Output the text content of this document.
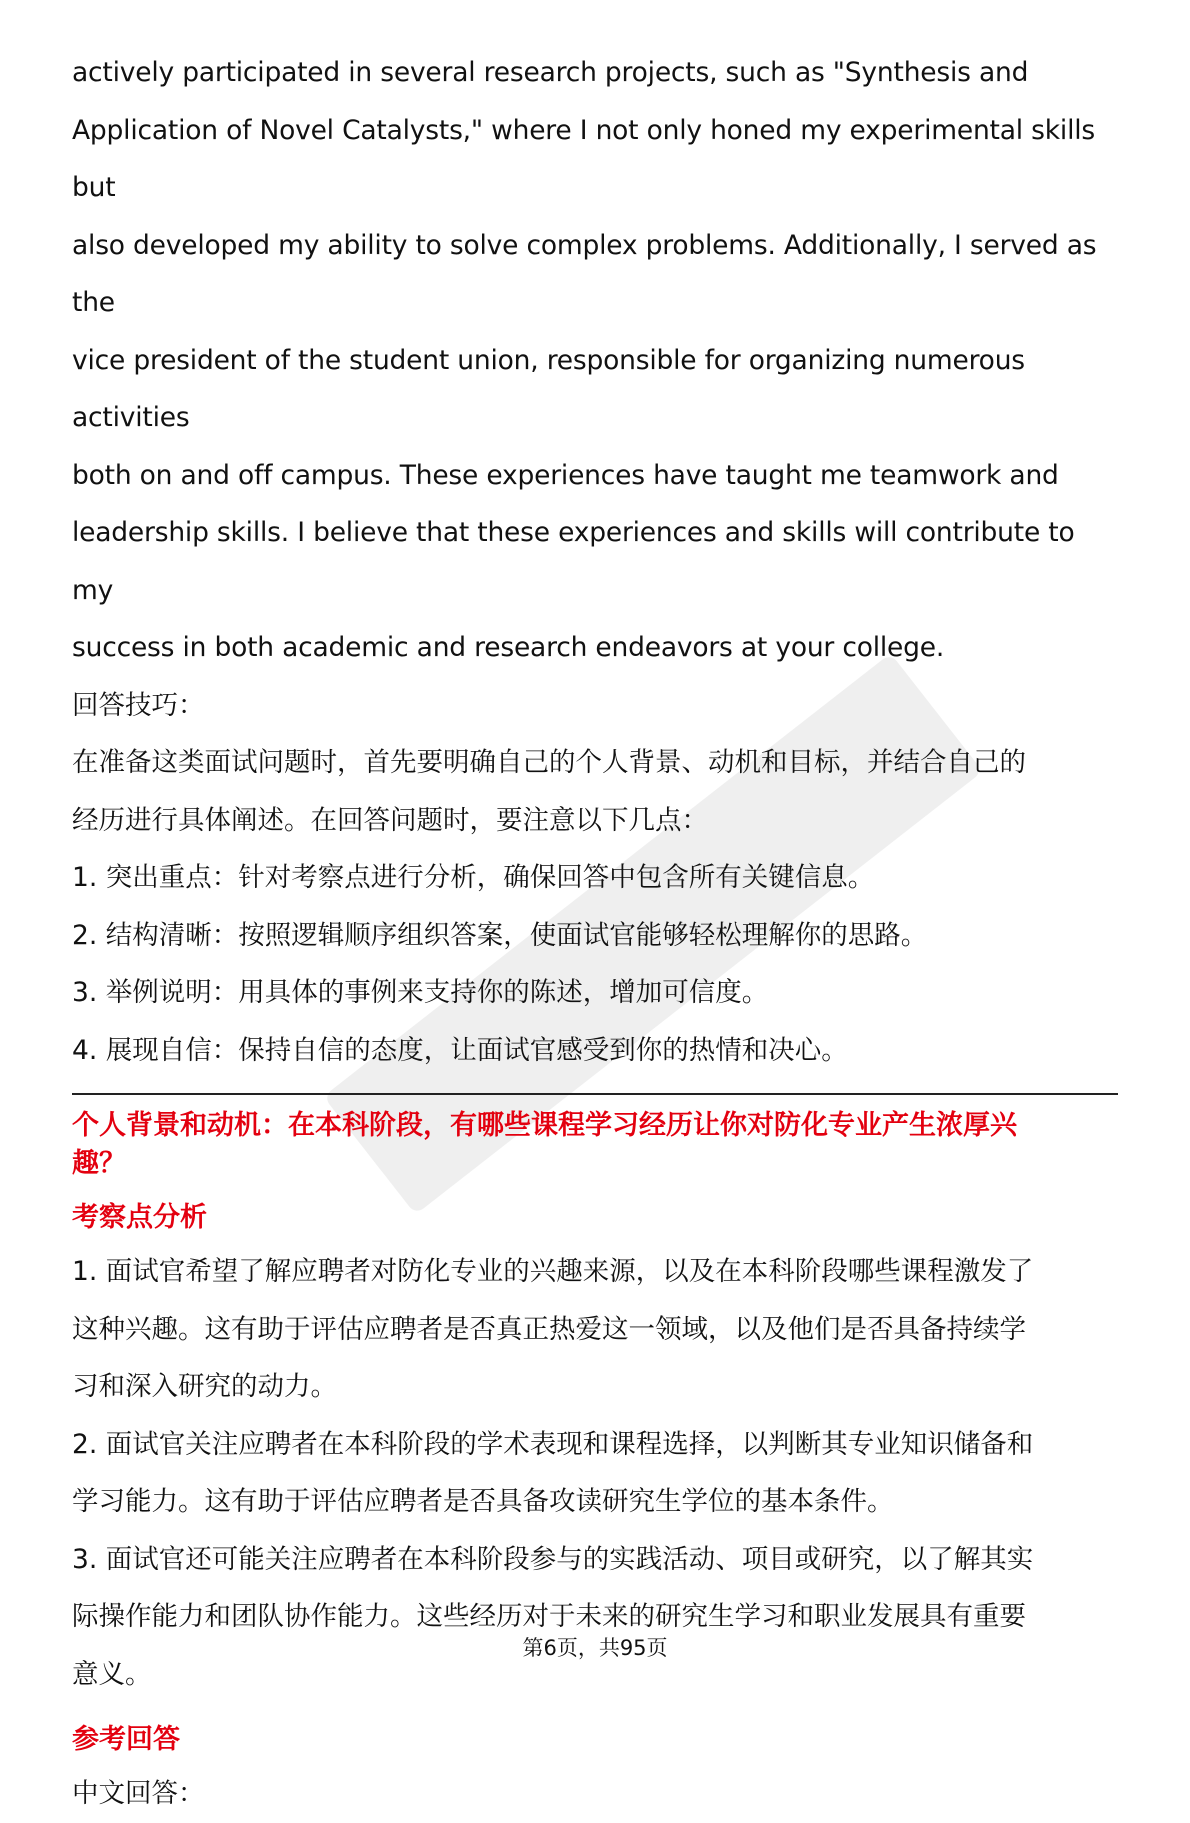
actively participated in several research projects, such as "Synthesis and

Application of Novel Catalysts," where I not only honed my experimental skills but

also developed my ability to solve complex problems. Additionally, I served as the

vice president of the student union, responsible for organizing numerous activities

both on and off campus. These experiences have taught me teamwork and

leadership skills. I believe that these experiences and skills will contribute to my

success in both academic and research endeavors at your college.

回答技巧：

在准备这类面试问题时，首先要明确自己的个人背景、动机和目标，并结合自己的

经历进行具体阐述。在回答问题时，要注意以下几点：

1. 突出重点：针对考察点进行分析，确保回答中包含所有关键信息。

2. 结构清晰：按照逻辑顺序组织答案，使面试官能够轻松理解你的思路。

3. 举例说明：用具体的事例来支持你的陈述，增加可信度。

4. 展现自信：保持自信的态度，让面试官感受到你的热情和决心。

个人背景和动机：在本科阶段，有哪些课程学习经历让你对防化专业产生浓厚兴
趣？

考察点分析

1. 面试官希望了解应聘者对防化专业的兴趣来源，以及在本科阶段哪些课程激发了

这种兴趣。这有助于评估应聘者是否真正热爱这一领域，以及他们是否具备持续学

习和深入研究的动力。

2. 面试官关注应聘者在本科阶段的学术表现和课程选择，以判断其专业知识储备和

学习能力。这有助于评估应聘者是否具备攻读研究生学位的基本条件。

3. 面试官还可能关注应聘者在本科阶段参与的实践活动、项目或研究，以了解其实

际操作能力和团队协作能力。这些经历对于未来的研究生学习和职业发展具有重要

意义。

参考回答

中文回答：

第6页，共95页
